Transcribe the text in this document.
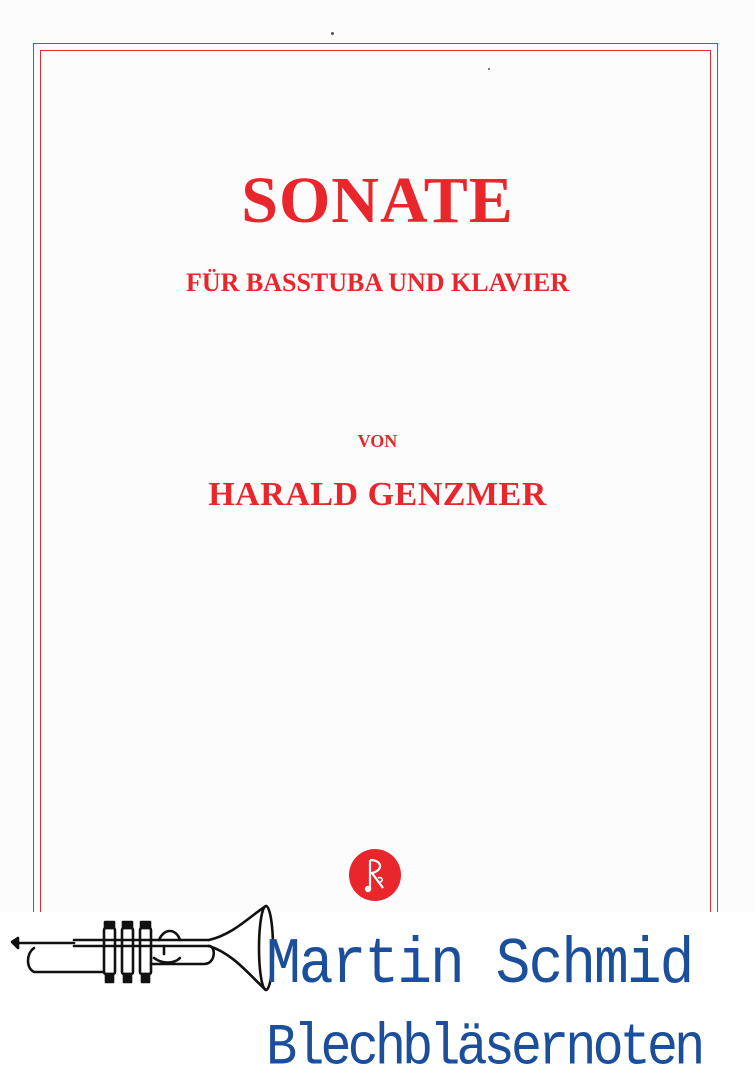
SONATE
FÜR BASSTUBA UND KLAVIER
VON
HARALD GENZMER
Martin Schmid
Blechbläsernoten
